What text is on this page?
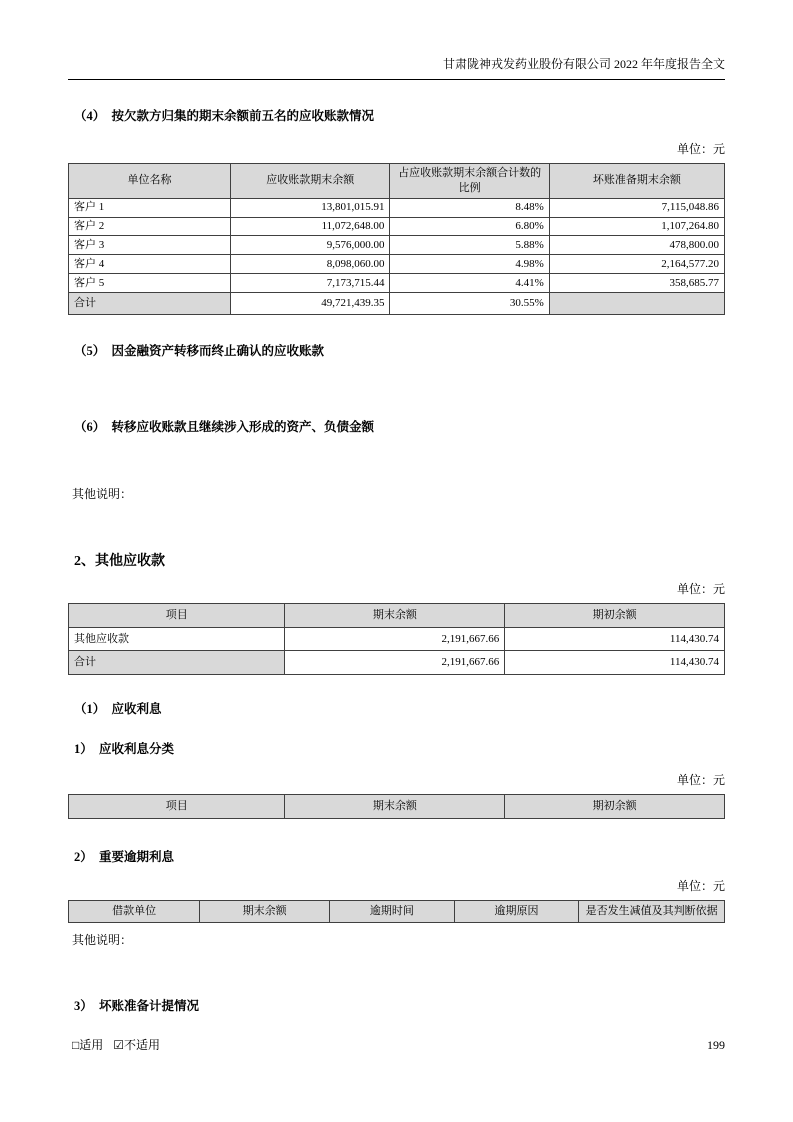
甘肃陇神戎发药业股份有限公司 2022 年年度报告全文
（4）　按欠款方归集的期末余额前五名的应收账款情况
单位：元
单位名称	应收账款期末余额	占应收账款期末余额合计数的比例	坏账准备期末余额
客户 1	13,801,015.91	8.48%	7,115,048.86
客户 2	11,072,648.00	6.80%	1,107,264.80
客户 3	9,576,000.00	5.88%	478,800.00
客户 4	8,098,060.00	4.98%	2,164,577.20
客户 5	7,173,715.44	4.41%	358,685.77
合计	49,721,439.35	30.55%	
（5）　因金融资产转移而终止确认的应收账款
（6）　转移应收账款且继续涉入形成的资产、负债金额
其他说明：
2、其他应收款
单位：元
项目	期末余额	期初余额
其他应收款	2,191,667.66	114,430.74
合计	2,191,667.66	114,430.74
（1）　应收利息
1）　应收利息分类
单位：元
项目	期末余额	期初余额
2）　重要逾期利息
单位：元
借款单位	期末余额	逾期时间	逾期原因	是否发生减值及其判断依据
其他说明：
3）　坏账准备计提情况
□适用 ☑不适用	199
